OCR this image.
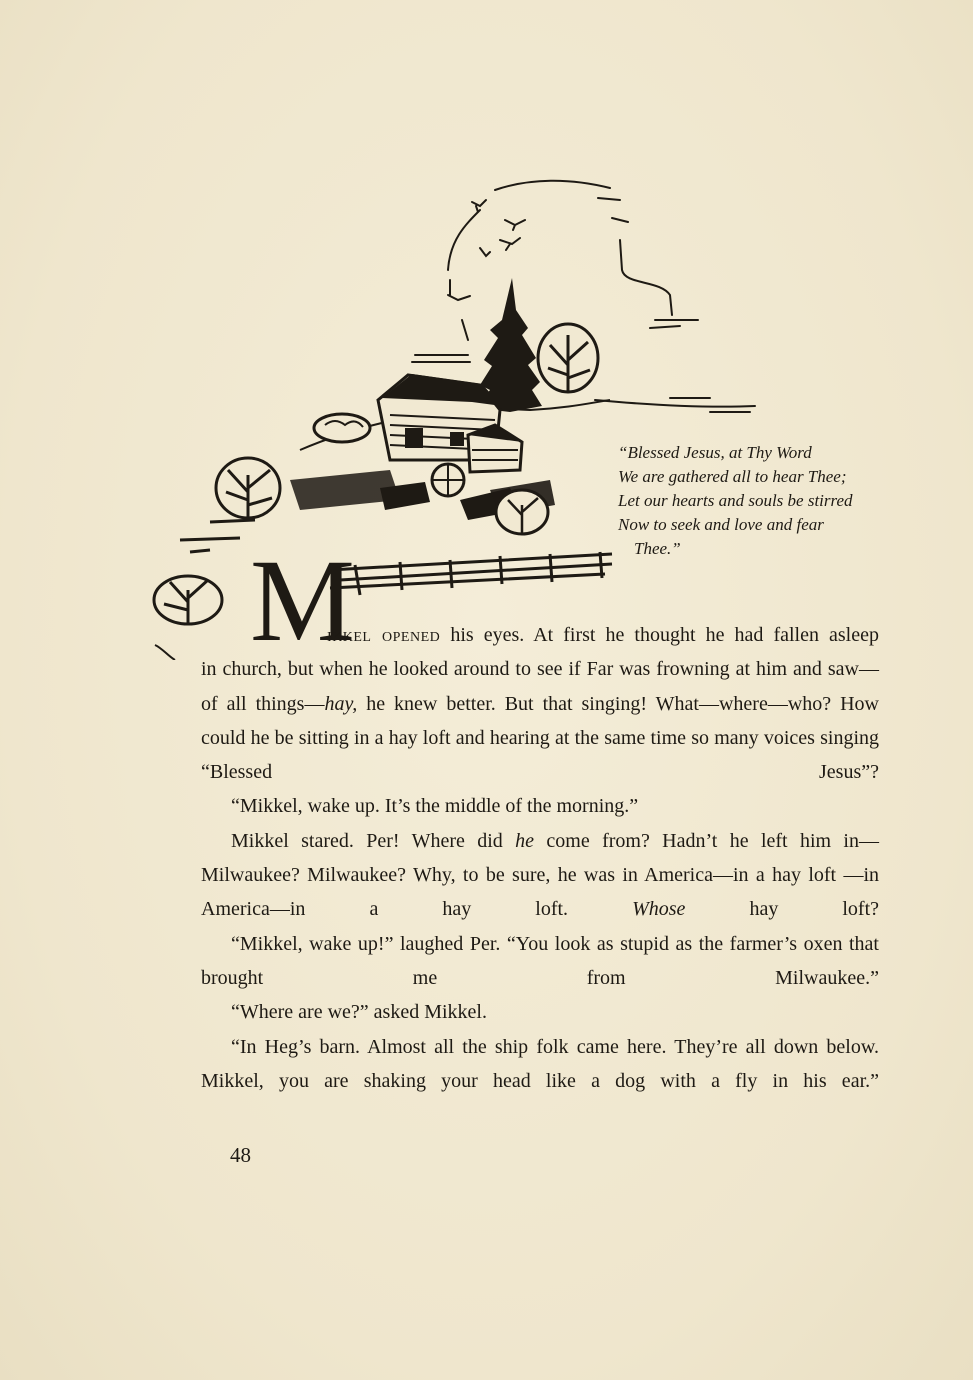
M
“Blessed Jesus, at Thy Word
We are gathered all to hear Thee;
Let our hearts and souls be stirred
Now to seek and love and fear
Thee.”

ikkel opened his eyes. At first he thought he had fallen asleep
in church, but when he looked around to see if Far was frowning at him and saw—of all things—hay, he knew better. But that singing! What—where—who? How could he be sitting in a hay loft and hearing at the same time so many voices singing “Blessed Jesus”?

“Mikkel, wake up. It’s the middle of the morning.”

Mikkel stared. Per! Where did he come from? Hadn’t he left him in—Milwaukee? Milwaukee? Why, to be sure, he was in America—in a hay loft —in America—in a hay loft. Whose hay loft?

“Mikkel, wake up!” laughed Per. “You look as stupid as the farmer’s oxen that brought me from Milwaukee.”

“Where are we?” asked Mikkel.

“In Heg’s barn. Almost all the ship folk came here. They’re all down below. Mikkel, you are shaking your head like a dog with a fly in his ear.”

48
